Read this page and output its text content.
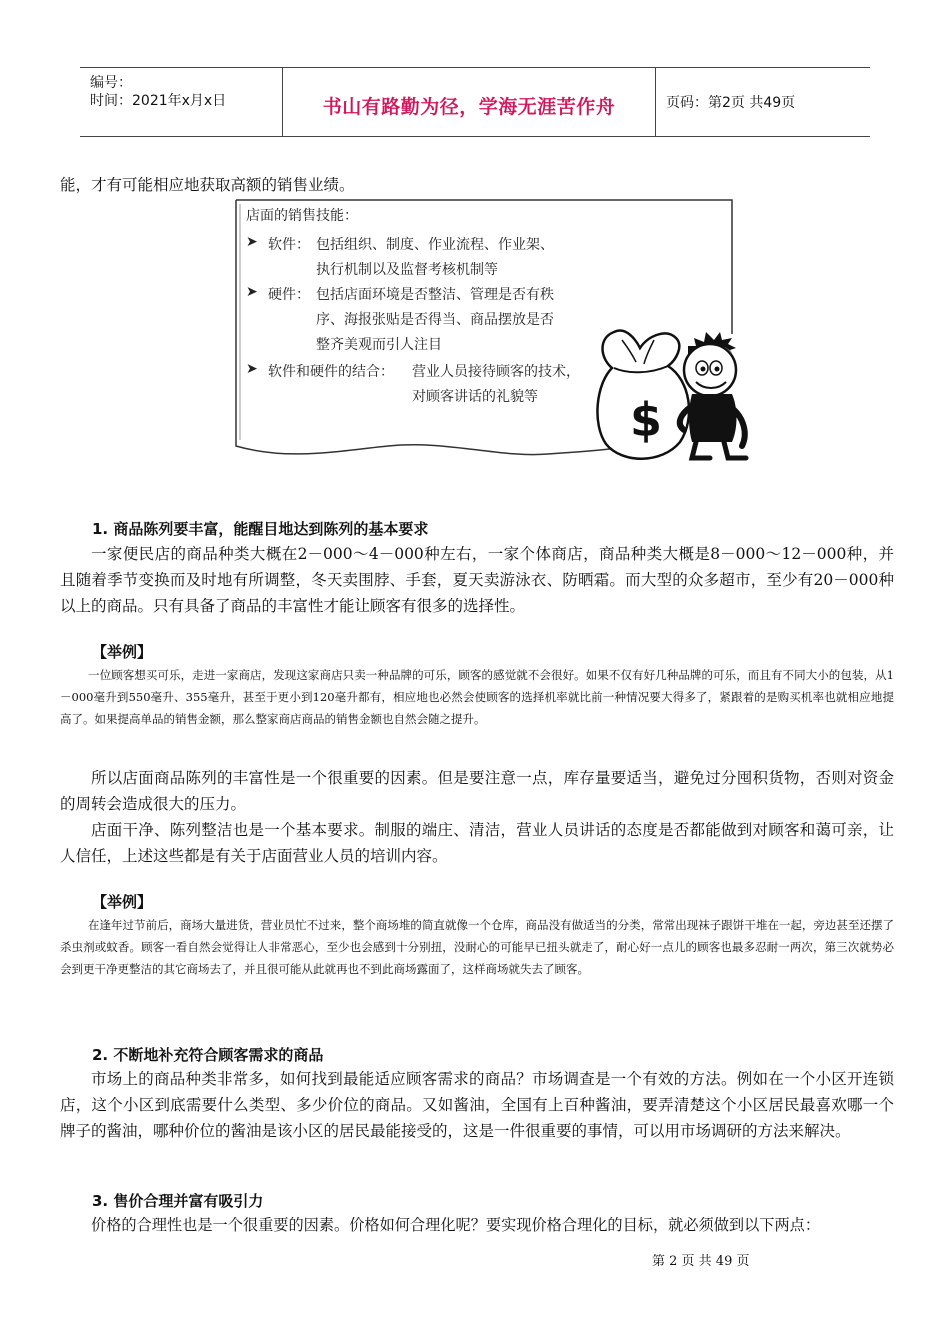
编号：
时间：2021年x月x日	书山有路勤为径，学海无涯苦作舟	页码：第2页 共49页
能，才有可能相应地获取高额的销售业绩。
店面的销售技能：
➤ 软件： 包括组织、制度、作业流程、作业架、
执行机制以及监督考核机制等
➤ 硬件： 包括店面环境是否整洁、管理是否有秩
序、海报张贴是否得当、商品摆放是否
整齐美观而引人注目
➤ 软件和硬件的结合： 营业人员接待顾客的技术，
对顾客讲话的礼貌等 $
1. 商品陈列要丰富，能醒目地达到陈列的基本要求
一家便民店的商品种类大概在2－000～4－000种左右，一家个体商店，商品种类大概是8－000～12－000种，并且随着季节变换而及时地有所调整，冬天卖围脖、手套，夏天卖游泳衣、防晒霜。而大型的众多超市，至少有20－000种以上的商品。只有具备了商品的丰富性才能让顾客有很多的选择性。
【举例】
一位顾客想买可乐，走进一家商店，发现这家商店只卖一种品牌的可乐，顾客的感觉就不会很好。如果不仅有好几种品牌的可乐，而且有不同大小的包装，从1－000毫升到550毫升、355毫升，甚至于更小到120毫升都有，相应地也必然会使顾客的选择机率就比前一种情况要大得多了，紧跟着的是购买机率也就相应地提高了。如果提高单品的销售金额，那么整家商店商品的销售金额也自然会随之提升。
所以店面商品陈列的丰富性是一个很重要的因素。但是要注意一点，库存量要适当，避免过分囤积货物，否则对资金的周转会造成很大的压力。
店面干净、陈列整洁也是一个基本要求。制服的端庄、清洁，营业人员讲话的态度是否都能做到对顾客和蔼可亲，让人信任，上述这些都是有关于店面营业人员的培训内容。
【举例】
在逢年过节前后，商场大量进货，营业员忙不过来，整个商场堆的简直就像一个仓库，商品没有做适当的分类，常常出现袜子跟饼干堆在一起，旁边甚至还摆了杀虫剂或蚊香。顾客一看自然会觉得让人非常恶心，至少也会感到十分别扭，没耐心的可能早已扭头就走了，耐心好一点儿的顾客也最多忍耐一两次，第三次就势必会到更干净更整洁的其它商场去了，并且很可能从此就再也不到此商场露面了，这样商场就失去了顾客。
2. 不断地补充符合顾客需求的商品
市场上的商品种类非常多，如何找到最能适应顾客需求的商品？市场调查是一个有效的方法。例如在一个小区开连锁店，这个小区到底需要什么类型、多少价位的商品。又如酱油，全国有上百种酱油，要弄清楚这个小区居民最喜欢哪一个牌子的酱油，哪种价位的酱油是该小区的居民最能接受的，这是一件很重要的事情，可以用市场调研的方法来解决。
3. 售价合理并富有吸引力
价格的合理性也是一个很重要的因素。价格如何合理化呢？要实现价格合理化的目标，就必须做到以下两点：
第 2 页 共 49 页
